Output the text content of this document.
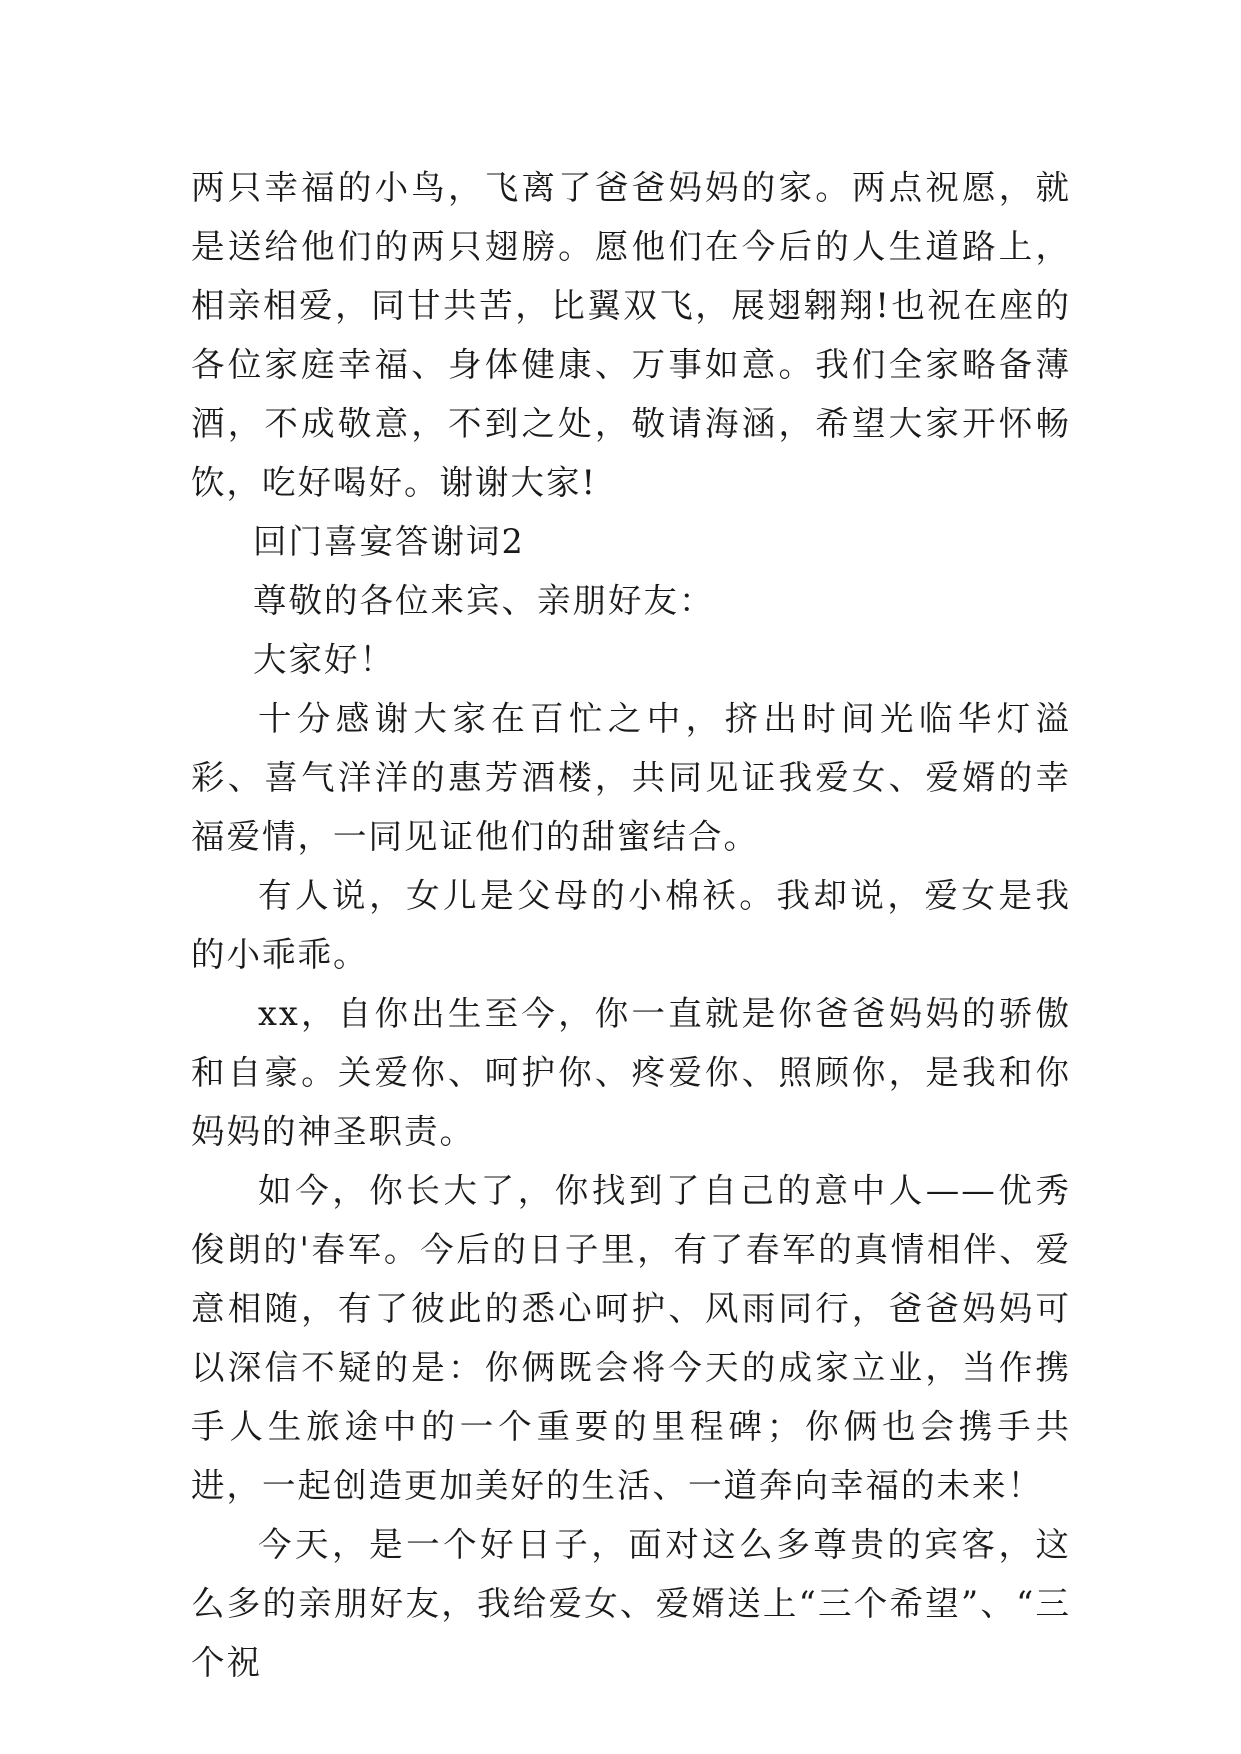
两只幸福的小鸟，飞离了爸爸妈妈的家。两点祝愿，就是送给他们的两只翅膀。愿他们在今后的人生道路上，相亲相爱，同甘共苦，比翼双飞，展翅翱翔!也祝在座的各位家庭幸福、身体健康、万事如意。我们全家略备薄酒，不成敬意，不到之处，敬请海涵，希望大家开怀畅饮，吃好喝好。谢谢大家!

回门喜宴答谢词2

尊敬的各位来宾、亲朋好友：

大家好！

十分感谢大家在百忙之中，挤出时间光临华灯溢彩、喜气洋洋的惠芳酒楼，共同见证我爱女、爱婿的幸福爱情，一同见证他们的甜蜜结合。

有人说，女儿是父母的小棉袄。我却说，爱女是我的小乖乖。

xx，自你出生至今，你一直就是你爸爸妈妈的骄傲和自豪。关爱你、呵护你、疼爱你、照顾你，是我和你妈妈的神圣职责。

如今，你长大了，你找到了自己的意中人——优秀俊朗的'春军。今后的日子里，有了春军的真情相伴、爱意相随，有了彼此的悉心呵护、风雨同行，爸爸妈妈可以深信不疑的是：你俩既会将今天的成家立业，当作携手人生旅途中的一个重要的里程碑；你俩也会携手共进，一起创造更加美好的生活、一道奔向幸福的未来！

今天，是一个好日子，面对这么多尊贵的宾客，这么多的亲朋好友，我给爱女、爱婿送上“三个希望”、“三个祝
